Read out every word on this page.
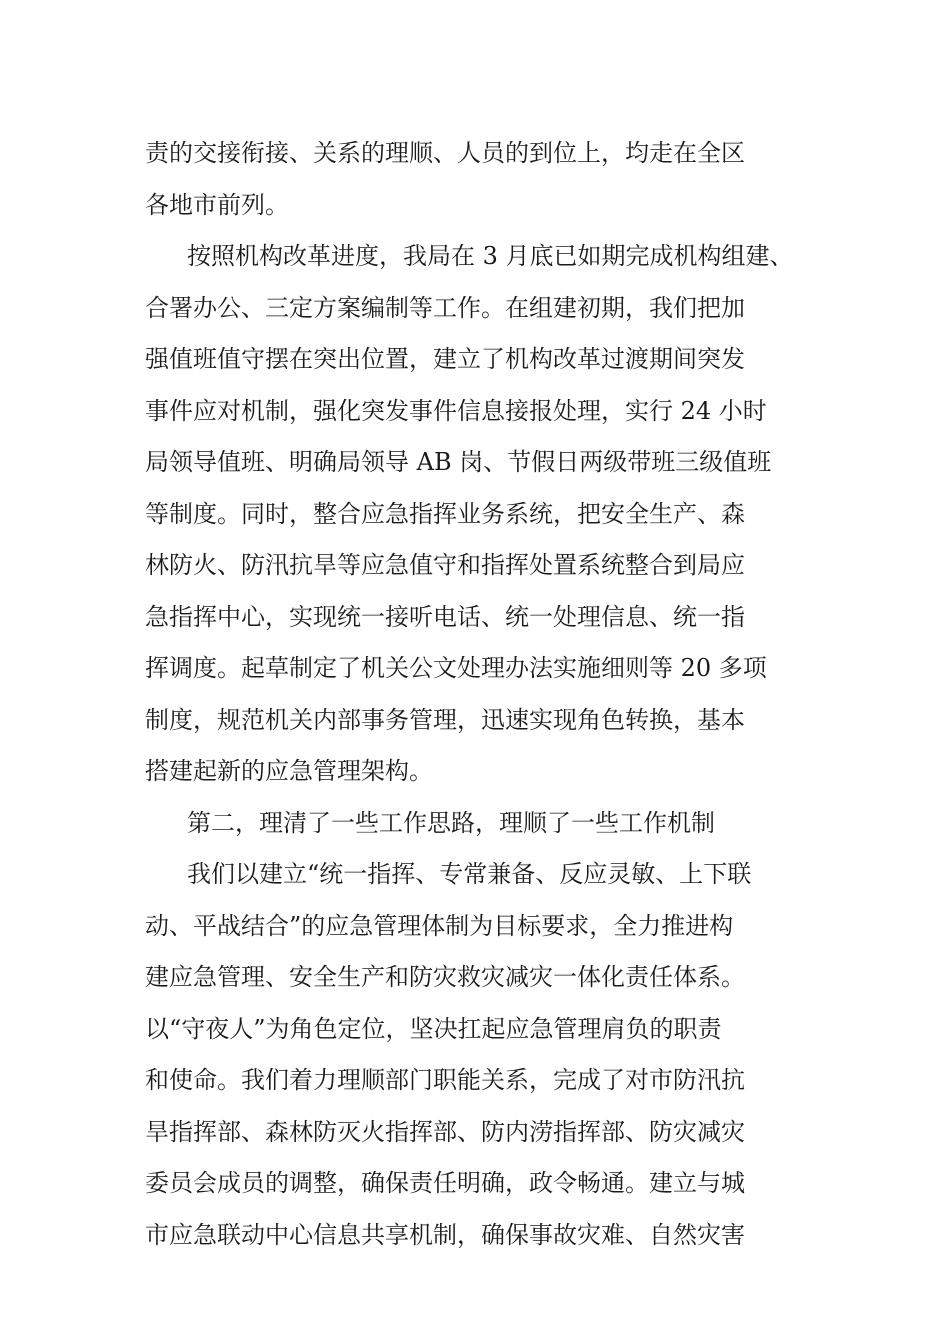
责的交接衔接、关系的理顺、人员的到位上，均走在全区
各地市前列。
按照机构改革进度，我局在 3 月底已如期完成机构组建、
合署办公、三定方案编制等工作。在组建初期，我们把加
强值班值守摆在突出位置，建立了机构改革过渡期间突发
事件应对机制，强化突发事件信息接报处理，实行 24 小时
局领导值班、明确局领导 AB 岗、节假日两级带班三级值班
等制度。同时，整合应急指挥业务系统，把安全生产、森
林防火、防汛抗旱等应急值守和指挥处置系统整合到局应
急指挥中心，实现统一接听电话、统一处理信息、统一指
挥调度。起草制定了机关公文处理办法实施细则等 20 多项
制度，规范机关内部事务管理，迅速实现角色转换，基本
搭建起新的应急管理架构。
第二，理清了一些工作思路，理顺了一些工作机制
我们以建立“统一指挥、专常兼备、反应灵敏、上下联
动、平战结合”的应急管理体制为目标要求，全力推进构
建应急管理、安全生产和防灾救灾减灾一体化责任体系。
以“守夜人”为角色定位，坚决扛起应急管理肩负的职责
和使命。我们着力理顺部门职能关系，完成了对市防汛抗
旱指挥部、森林防灭火指挥部、防内涝指挥部、防灾减灾
委员会成员的调整，确保责任明确，政令畅通。建立与城
市应急联动中心信息共享机制，确保事故灾难、自然灾害
